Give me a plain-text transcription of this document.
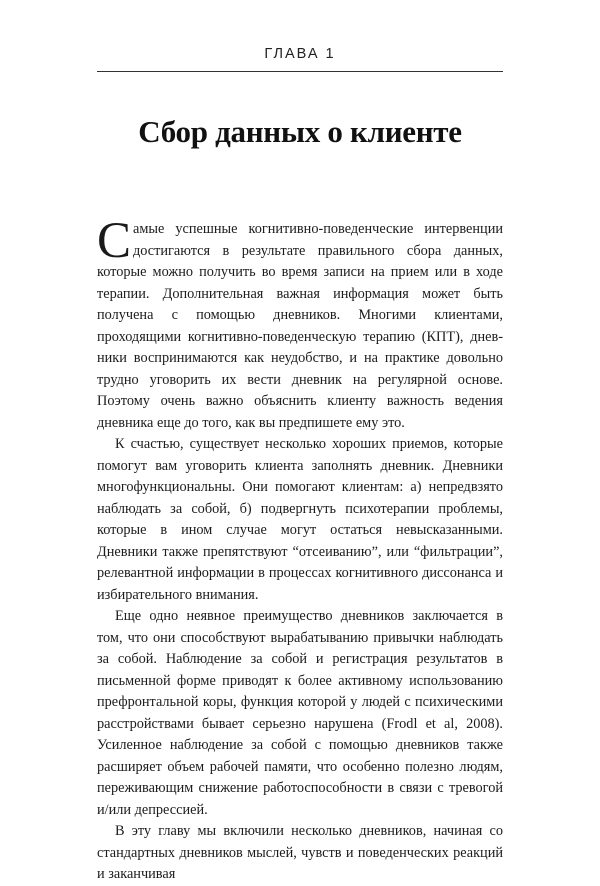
ГЛАВА 1
Сбор данных о клиенте

Самые успешные когнитивно-поведенческие интервенции достигаются в результате правильного сбора данных, которые можно получить во время записи на прием или в ходе терапии. Дополнительная важная информация может быть получена с помощью дневников. Многими клиентами, проходящими когнитивно-поведенческую терапию (КПТ), дневники воспринимаются как неудобство, и на практике довольно трудно уговорить их вести дневник на регулярной основе. Поэтому очень важно объяснить клиенту важность ведения дневника еще до того, как вы предпишете ему это.

К счастью, существует несколько хороших приемов, которые помогут вам уговорить клиента заполнять дневник. Дневники многофункциональны. Они помогают клиентам: а) непредвзято наблюдать за собой, б) подвергнуть психотерапии проблемы, которые в ином случае могут остаться невысказанными. Дневники также препятствуют “отсеиванию”, или “фильтрации”, релевантной информации в процессах когнитивного диссонанса и избирательного внимания.

Еще одно неявное преимущество дневников заключается в том, что они способствуют вырабатыванию привычки наблюдать за собой. Наблюдение за собой и регистрация результатов в письменной форме приводят к более активному использованию префронтальной коры, функция которой у людей с психическими расстройствами бывает серьезно нарушена (Frodl et al, 2008). Усиленное наблюдение за собой с помощью дневников также расширяет объем рабочей памяти, что особенно полезно людям, переживающим снижение работоспособности в связи с тревогой и/или депрессией.

В эту главу мы включили несколько дневников, начиная со стандартных дневников мыслей, чувств и поведенческих реакций и заканчивая
